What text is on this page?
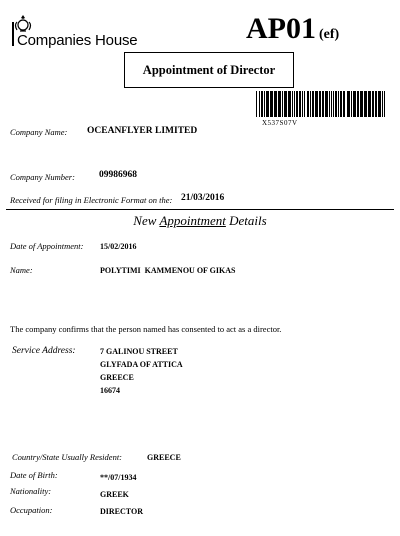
Companies House	AP01 (ef)
Appointment of Director
X537S07V
Company Name: OCEANFLYER LIMITED
Company Number:	09986968
Received for filing in Electronic Format on the: 21/03/2016
New Appointment Details
Date of Appointment: 15/02/2016
Name:	POLYTIMI  KAMMENOU OF GIKAS
The company confirms that the person named has consented to act as a director.
Service Address:	7 GALINOU STREET
GLYFADA OF ATTICA
GREECE
16674
Country/State Usually Resident:	GREECE
Date of Birth:	**/07/1934
Nationality:	GREEK
Occupation:	DIRECTOR
